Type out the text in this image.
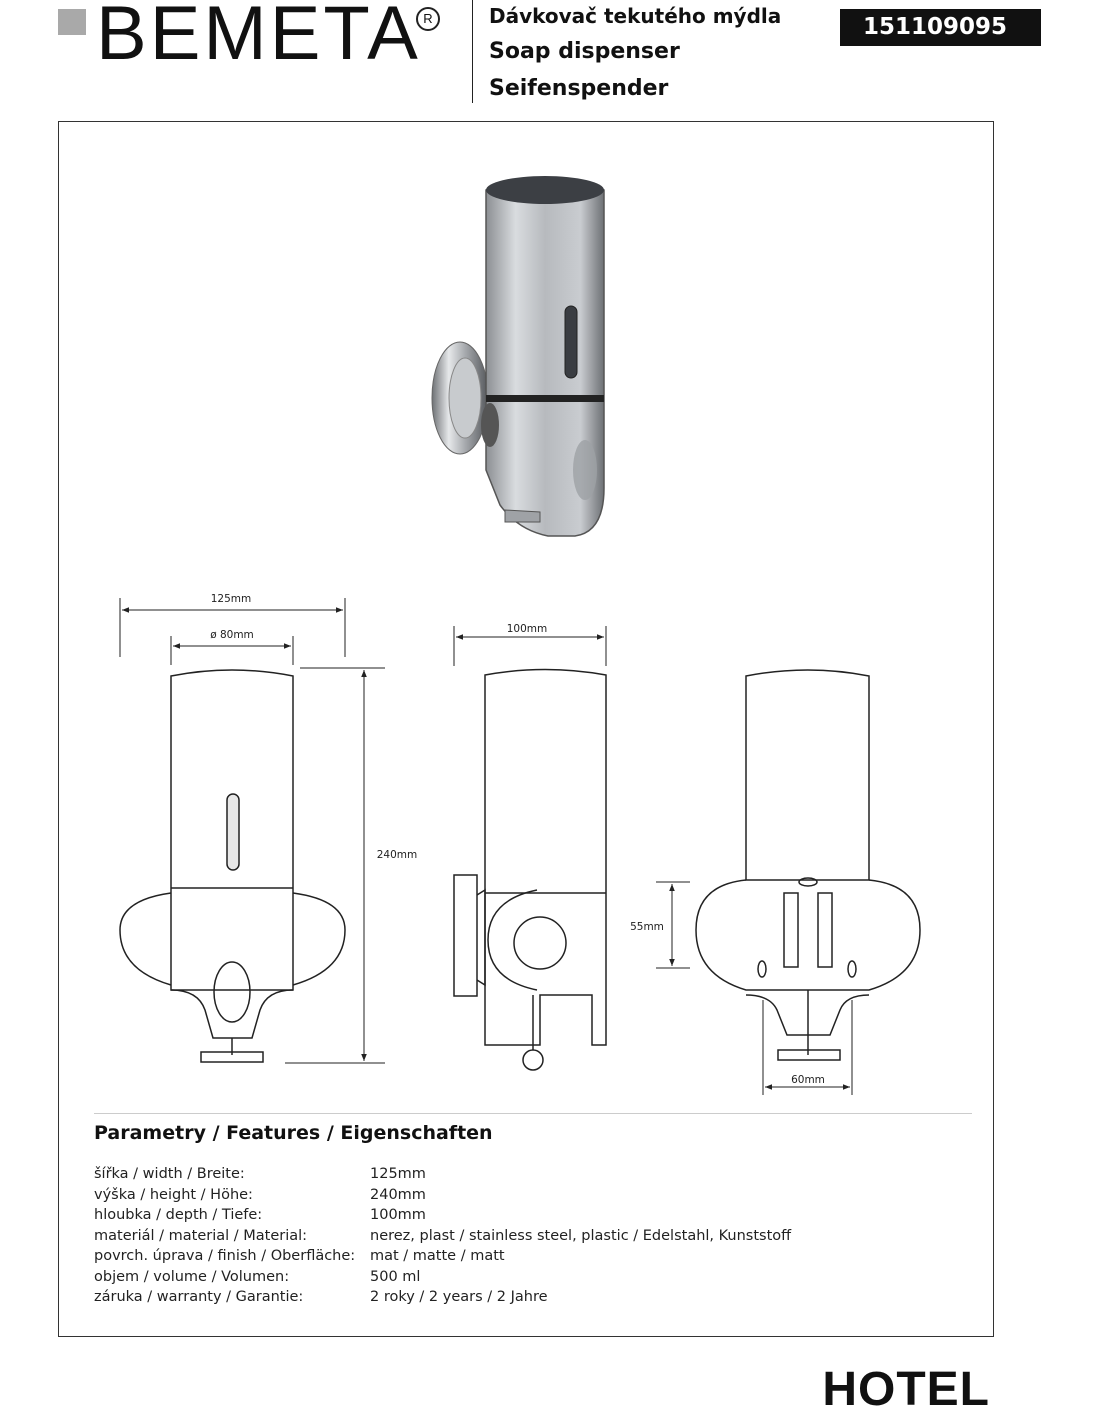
BEMETA R	Dávkovač tekutého mýdla
Soap dispenser
Seifenspender
151109095
125mm
ø 80mm	100mm
240mm
55mm
60mm
Parametry / Features / Eigenschaften
šířka / width / Breite:	125mm
výška / height / Höhe:	240mm
hloubka / depth / Tiefe:	100mm
materiál / material / Material:	nerez, plast / stainless steel, plastic / Edelstahl, Kunststoff
povrch. úprava / finish / Oberfläche:	mat / matte / matt
objem / volume / Volumen:	500 ml
záruka / warranty / Garantie:	2 roky / 2 years / 2 Jahre
HOTEL
